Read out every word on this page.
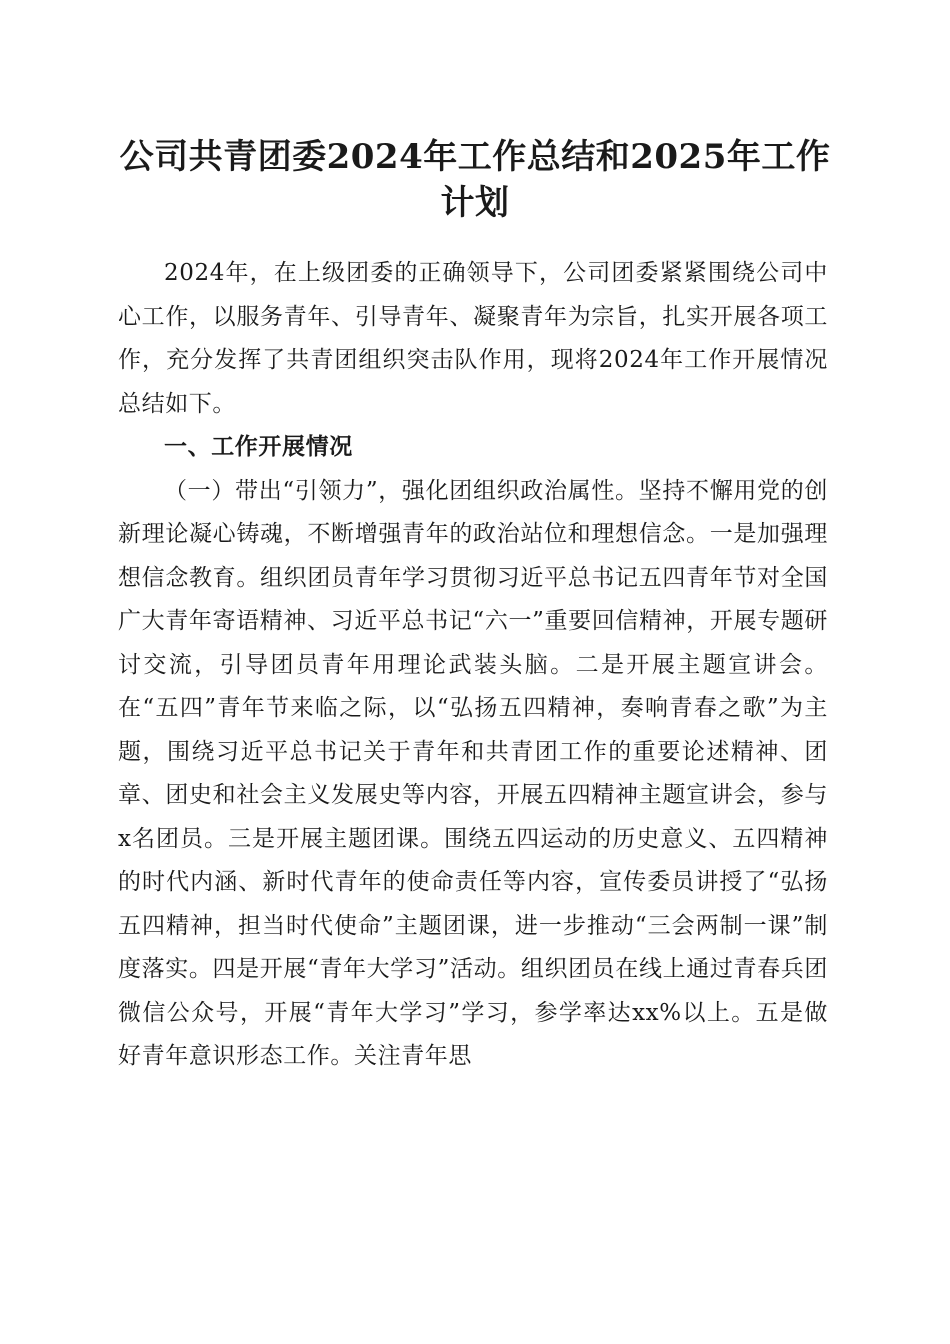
公司共青团委2024年工作总结和2025年工作
计划

2024年，在上级团委的正确领导下，公司团委紧紧围绕公司中心工作，以服务青年、引导青年、凝聚青年为宗旨，扎实开展各项工作，充分发挥了共青团组织突击队作用，现将2024年工作开展情况总结如下。

一、工作开展情况

（一）带出“引领力”，强化团组织政治属性。坚持不懈用党的创新理论凝心铸魂，不断增强青年的政治站位和理想信念。一是加强理想信念教育。组织团员青年学习贯彻习近平总书记五四青年节对全国广大青年寄语精神、习近平总书记“六一”重要回信精神，开展专题研讨交流，引导团员青年用理论武装头脑。二是开展主题宣讲会。在“五四”青年节来临之际，以“弘扬五四精神，奏响青春之歌”为主题，围绕习近平总书记关于青年和共青团工作的重要论述精神、团章、团史和社会主义发展史等内容，开展五四精神主题宣讲会，参与x名团员。三是开展主题团课。围绕五四运动的历史意义、五四精神的时代内涵、新时代青年的使命责任等内容，宣传委员讲授了“弘扬五四精神，担当时代使命”主题团课，进一步推动“三会两制一课”制度落实。四是开展“青年大学习”活动。组织团员在线上通过青春兵团微信公众号，开展“青年大学习”学习，参学率达xx%以上。五是做好青年意识形态工作。关注青年思
